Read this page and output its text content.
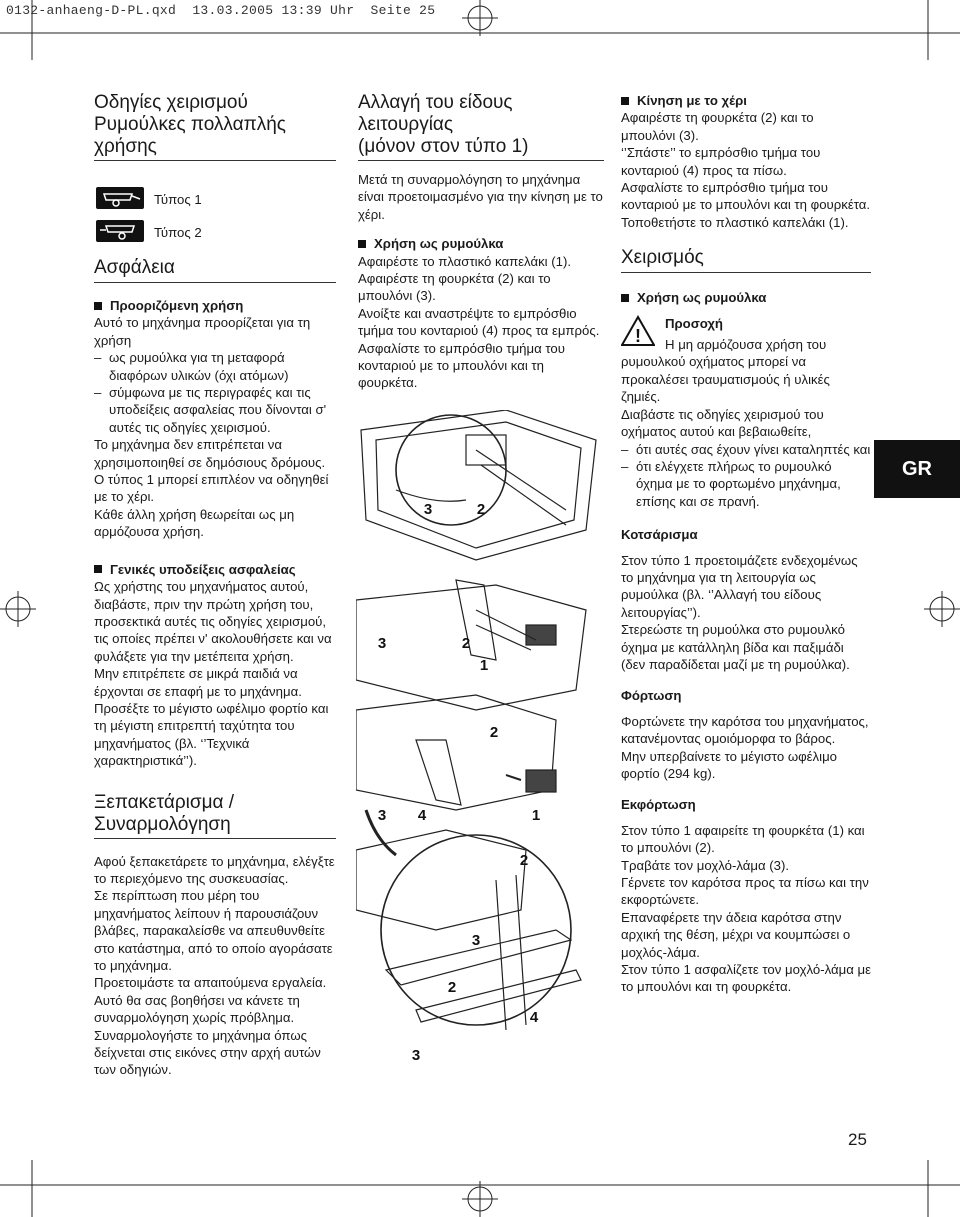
0132-anhaeng-D-PL.qxd  13.03.2005 13:39 Uhr  Seite 25
Οδηγίες χειρισμού
Ρυμούλκες πολλαπλής
χρήσης
Τύπος 1
Τύπος 2
Ασφάλεια
Προοριζόμενη χρήση

Αυτό το μηχάνημα προορίζεται για τη χρήση

– ως ρυμούλκα για τη μεταφορά διαφόρων υλικών (όχι ατόμων)
– σύμφωνα με τις περιγραφές και τις υποδείξεις ασφαλείας που δίνονται σ' αυτές τις οδηγίες χειρισμού.

Το μηχάνημα δεν επιτρέπεται να χρησιμοποιηθεί σε δημόσιους δρόμους.

Ο τύπος 1 μπορεί επιπλέον να οδηγηθεί με το χέρι.

Κάθε άλλη χρήση θεωρείται ως μη αρμόζουσα χρήση.

Γενικές υποδείξεις ασφαλείας

Ως χρήστης του μηχανήματος αυτού, διαβάστε, πριν την πρώτη χρήση του, προσεκτικά αυτές τις οδηγίες χειρισμού, τις οποίες πρέπει ν' ακολουθήσετε και να φυλάξετε για την μετέπειτα χρήση.

Μην επιτρέπετε σε μικρά παιδιά να έρχονται σε επαφή με το μηχάνημα.

Προσέξτε το μέγιστο ωφέλιμο φορτίο και τη μέγιστη επιτρεπτή ταχύτητα του μηχανήματος (βλ. ‘’Τεχνικά χαρακτηριστικά’’).

Ξεπακετάρισμα /
Συναρμολόγηση

Αφού ξεπακετάρετε το μηχάνημα, ελέγξτε το περιεχόμενο της συσκευασίας.

Σε περίπτωση που μέρη του μηχανήματος λείπουν ή παρουσιάζουν βλάβες, παρακαλείσθε να απευθυνθείτε στο κατάστημα, από το οποίο αγοράσατε το μηχάνημα.

Προετοιμάστε τα απαιτούμενα εργαλεία. Αυτό θα σας βοηθήσει να κάνετε τη συναρμολόγηση χωρίς πρόβλημα. Συναρμολογήστε το μηχάνημα όπως δείχνεται στις εικόνες στην αρχή αυτών των οδηγιών.

Αλλαγή του είδους
λειτουργίας
(μόνον στον τύπο 1)

Μετά τη συναρμολόγηση το μηχάνημα είναι προετοιμασμένο για την κίνηση με το χέρι.

Χρήση ως ρυμούλκα

Αφαιρέστε το πλαστικό καπελάκι (1).

Αφαιρέστε τη φουρκέτα (2) και το μπουλόνι (3).

Ανοίξτε και αναστρέψτε το εμπρόσθιο τμήμα του κονταριού (4) προς τα εμπρός.

Ασφαλίστε το εμπρόσθιο τμήμα του κονταριού με το μπουλόνι και τη φουρκέτα.

3	2
3	2
1
2
3 4	1
2
3
2
4
3
Κίνηση με το χέρι

Αφαιρέστε τη φουρκέτα (2) και το μπουλόνι (3).

‘’Σπάστε’’ το εμπρόσθιο τμήμα του κονταριού (4) προς τα πίσω.

Ασφαλίστε το εμπρόσθιο τμήμα του κονταριού με το μπουλόνι και τη φουρκέτα.

Τοποθετήστε το πλαστικό καπελάκι (1).

Χειρισμός
Χρήση ως ρυμούλκα
!
Προσοχή
Η μη αρμόζουσα χρήση του

ρυμουλκού οχήματος μπορεί να προκαλέσει τραυματισμούς ή υλικές ζημιές.

Διαβάστε τις οδηγίες χειρισμού του οχήματος αυτού και βεβαιωθείτε,

– ότι αυτές σας έχουν γίνει καταληπτές και
– ότι ελέγχετε πλήρως το ρυμουλκό όχημα με το φορτωμένο μηχάνημα, επίσης και σε πρανή.
Κοτσάρισμα

Στον τύπο 1 προετοιμάζετε ενδεχομένως το μηχάνημα για τη λειτουργία ως ρυμούλκα (βλ. ‘’Αλλαγή του είδους λειτουργίας’’).

Στερεώστε τη ρυμούλκα στο ρυμουλκό όχημα με κατάλληλη βίδα και παξιμάδι (δεν παραδίδεται μαζί με τη ρυμούλκα).

Φόρτωση

Φορτώνετε την καρότσα του μηχανήματος, κατανέμοντας ομοιόμορφα το βάρος.

Μην υπερβαίνετε το μέγιστο ωφέλιμο φορτίο (294 kg).

Εκφόρτωση

Στον τύπο 1 αφαιρείτε τη φουρκέτα (1) και το μπουλόνι (2).

Τραβάτε τον μοχλό-λάμα (3).

Γέρνετε τον καρότσα προς τα πίσω και την εκφορτώνετε.

Επαναφέρετε την άδεια καρότσα στην αρχική της θέση, μέχρι να κουμπώσει ο μοχλός-λάμα.

Στον τύπο 1 ασφαλίζετε τον μοχλό-λάμα με το μπουλόνι και τη φουρκέτα.

GR
25
